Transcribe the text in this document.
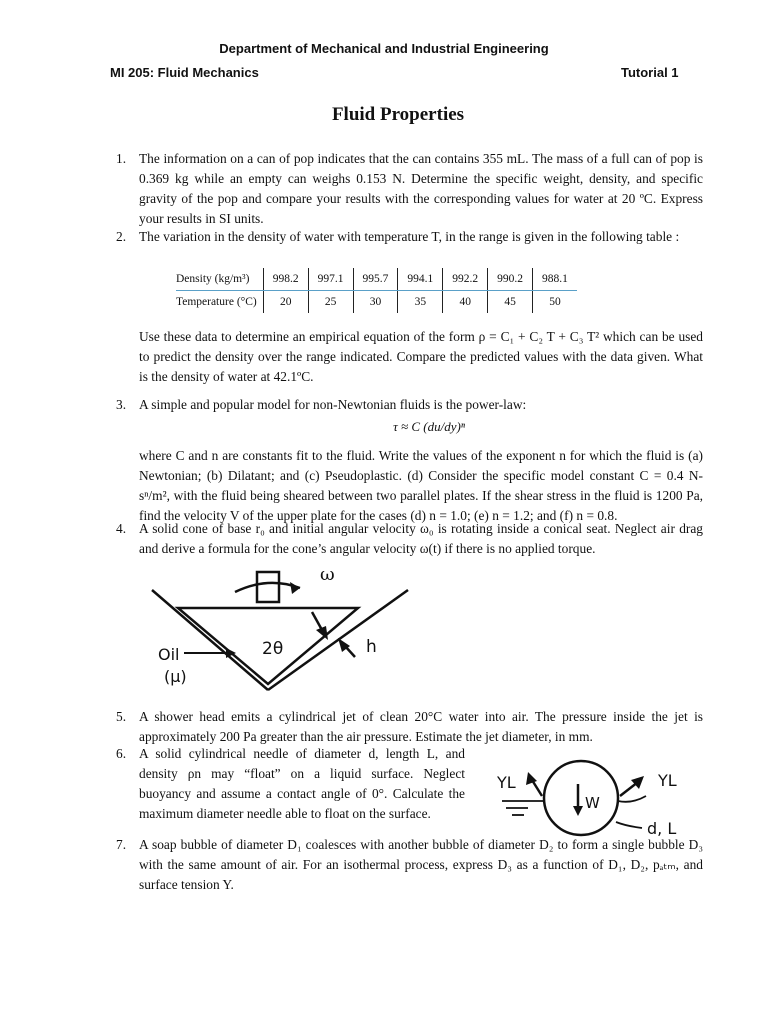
Department of Mechanical and Industrial Engineering
MI 205: Fluid Mechanics	Tutorial 1
Fluid Properties
1. The information on a can of pop indicates that the can contains 355 mL. The mass of a full can of pop is 0.369 kg while an empty can weighs 0.153 N. Determine the specific weight, density, and specific gravity of the pop and compare your results with the corresponding values for water at 20 ºC. Express your results in SI units.
2. The variation in the density of water with temperature T, in the range is given in the following table :
Density (kg/m³)	998.2	997.1	995.7	994.1	992.2	990.2	988.1
Temperature (°C)	20	25	30	35	40	45	50
Use these data to determine an empirical equation of the form ρ = C₁ + C₂ T + C₃ T² which can be used to predict the density over the range indicated. Compare the predicted values with the data given. What is the density of water at 42.1ºC.
3. A simple and popular model for non-Newtonian fluids is the power-law:
τ ≈ C (du/dy)ⁿ
where C and n are constants fit to the fluid. Write the values of the exponent n for which the fluid is (a) Newtonian; (b) Dilatant; and (c) Pseudoplastic. (d) Consider the specific model constant C = 0.4 N-sⁿ/m², with the fluid being sheared between two parallel plates. If the shear stress in the fluid is 1200 Pa, find the velocity V of the upper plate for the cases (d) n = 1.0; (e) n = 1.2; and (f) n = 0.8.
4. A solid cone of base r₀ and initial angular velocity ω₀ is rotating inside a conical seat. Neglect air drag and derive a formula for the cone’s angular velocity ω(t) if there is no applied torque.
ω
2θ	h
Oil
(μ)
5. A shower head emits a cylindrical jet of clean 20°C water into air. The pressure inside the jet is approximately 200 Pa greater than the air pressure. Estimate the jet diameter, in mm.
6. A solid cylindrical needle of diameter d, length L, and density ρn may “float” on a liquid surface. Neglect buoyancy and assume a contact angle of 0°. Calculate the maximum diameter needle able to float on the surface.
YL	YL
W
d, L
7. A soap bubble of diameter D₁ coalesces with another bubble of diameter D₂ to form a single bubble D₃ with the same amount of air. For an isothermal process, express D₃ as a function of D₁, D₂, pₐₜₘ, and surface tension Y.
